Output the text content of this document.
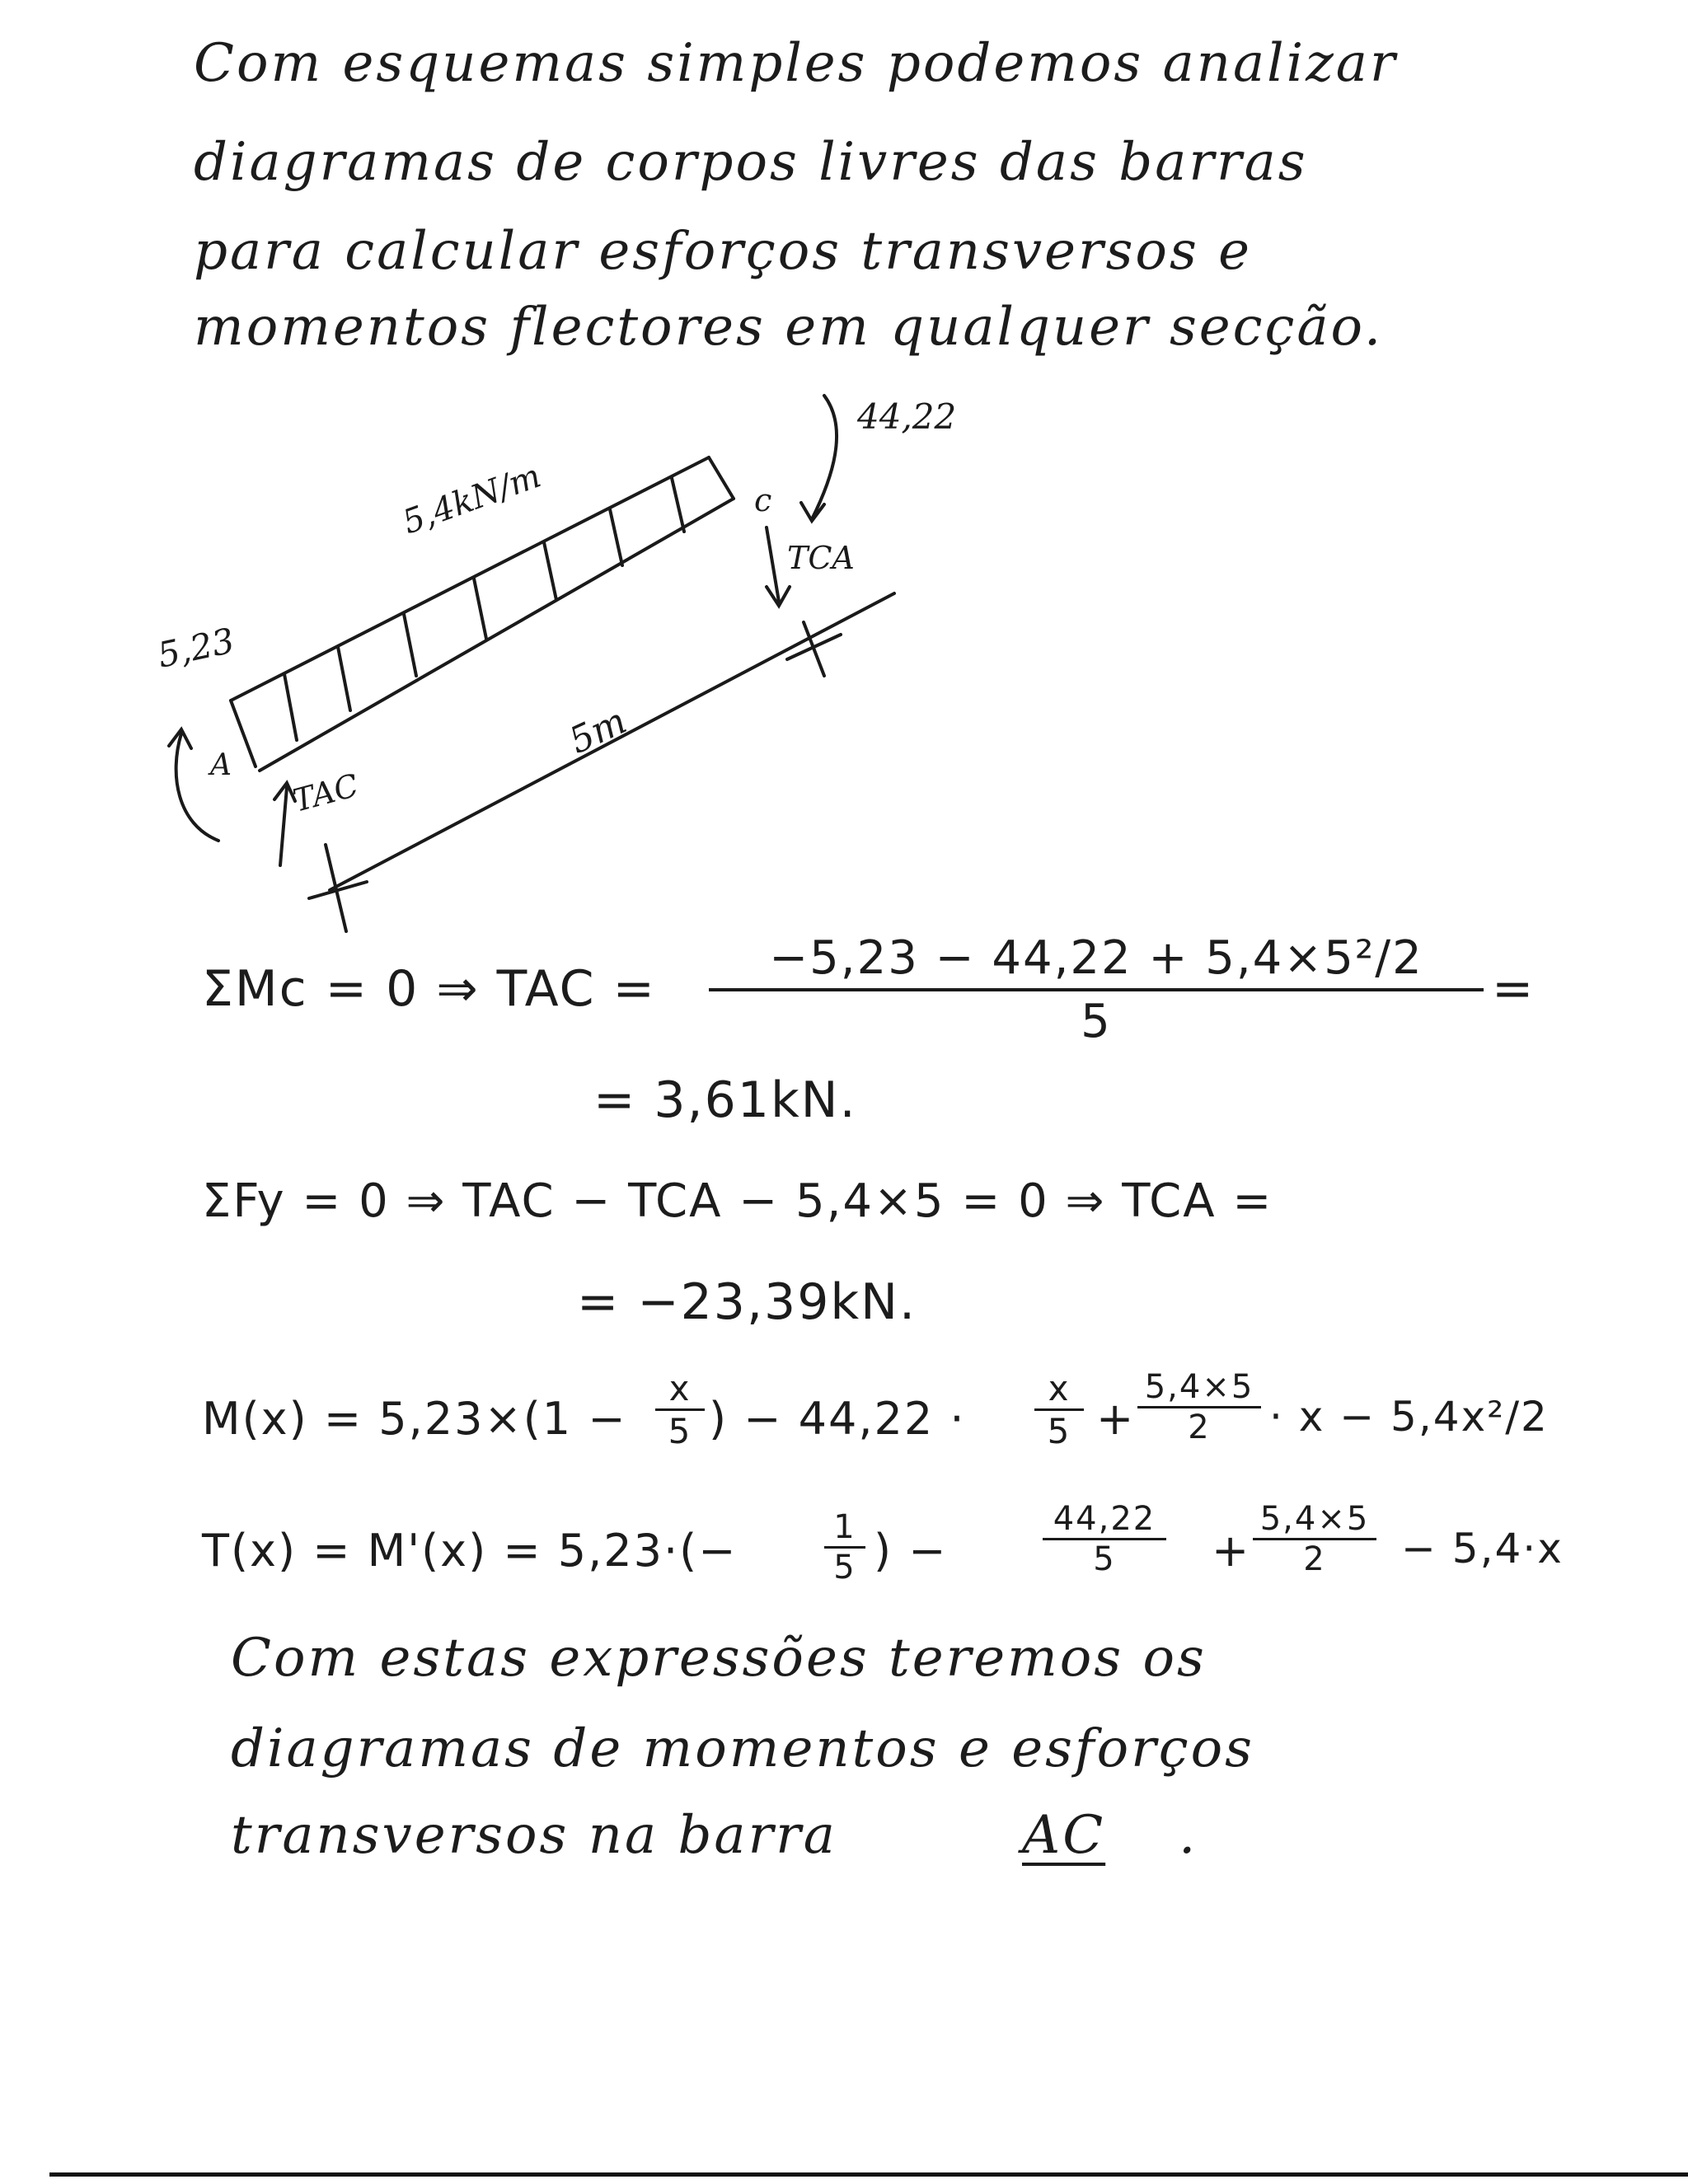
Com esquemas simples podemos analizar
diagramas de corpos livres das barras
para calcular esforços transversos e
momentos flectores em qualquer secção.
44,22
5,4kN/m	c
TCA
5,23
A
TAC
5m
ΣMc = 0 ⇒ TAC =
−5,23 − 44,22 + 5,4×5²/2
5
=
= 3,61kN.
ΣFy = 0 ⇒ TAC − TCA − 5,4×5 = 0 ⇒ TCA =
= −23,39kN.
M(x) = 5,23×(1 −
x
5 ) − 44,22 ·
x
5 +
5,4×5
2	· x − 5,4x²/2
T(x) = M'(x) = 5,23·(−	1
5 ) −
44,22
5	+
5,4×5
2	− 5,4·x
Com estas expressões teremos os
diagramas de momentos e esforços
transversos na barra	AC .
